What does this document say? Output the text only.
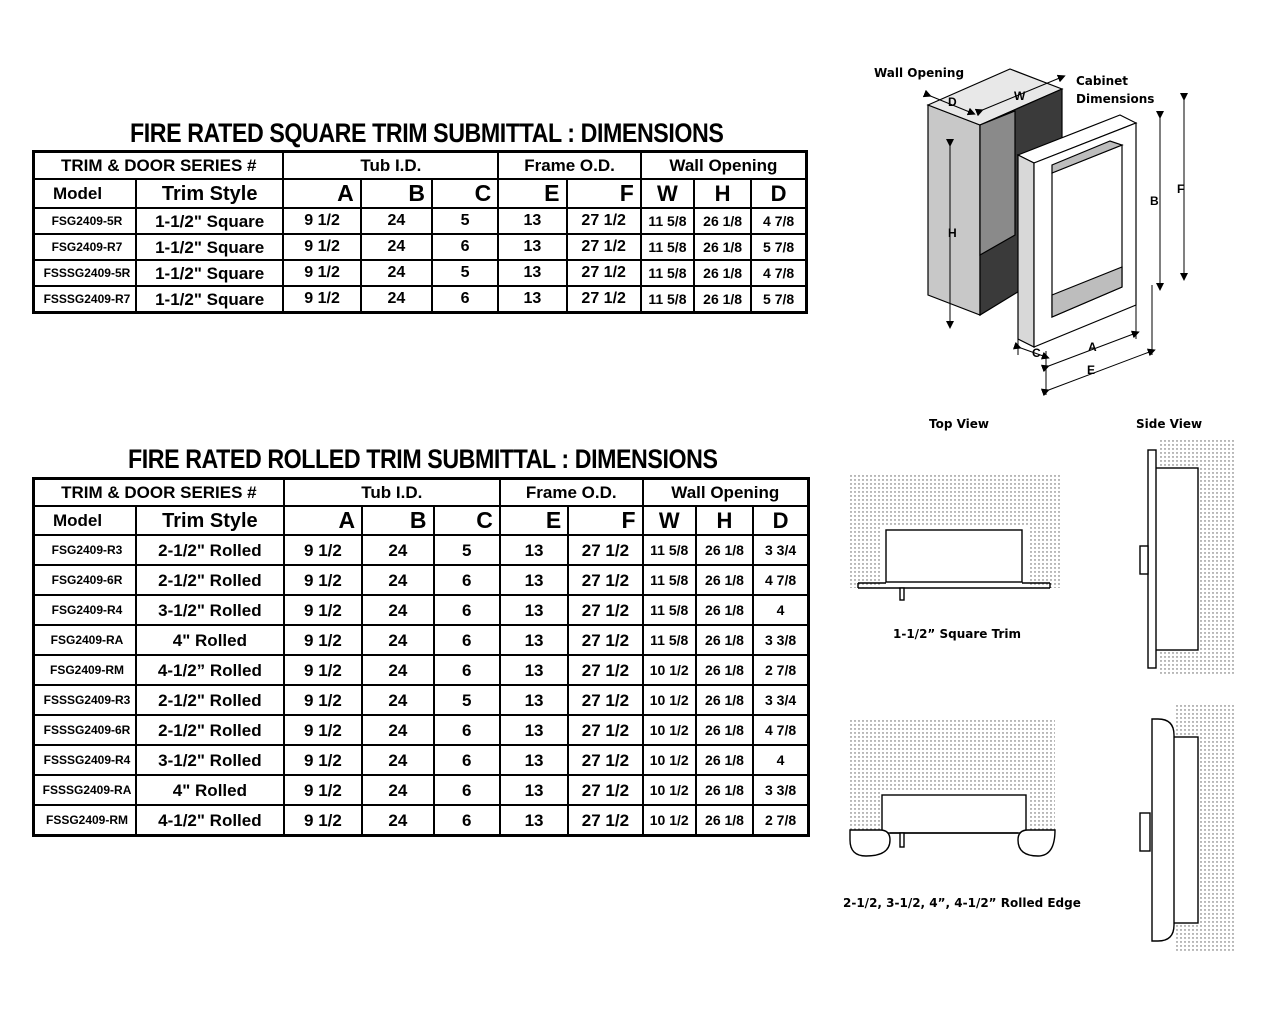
FIRE RATED SQUARE TRIM SUBMITTAL : DIMENSIONS
TRIM & DOOR SERIES #		Tub I.D.			Frame O.D.		Wall Opening		
Model	Trim Style	A	B	C	E	F	W	H	D
FSG2409-5R	1-1/2" Square	9 1/2	24	5	13	27 1/2	11 5/8	26 1/8	4 7/8
FSG2409-R7	1-1/2" Square	9 1/2	24	6	13	27 1/2	11 5/8	26 1/8	5 7/8
FSSSG2409-5R	1-1/2" Square	9 1/2	24	5	13	27 1/2	11 5/8	26 1/8	4 7/8
FSSSG2409-R7	1-1/2" Square	9 1/2	24	6	13	27 1/2	11 5/8	26 1/8	5 7/8
FIRE RATED ROLLED TRIM SUBMITTAL : DIMENSIONS
TRIM & DOOR SERIES #		Tub I.D.			Frame O.D.		Wall Opening		
Model	Trim Style	A	B	C	E	F	W	H	D
FSG2409-R3	2-1/2" Rolled	9 1/2	24	5	13	27 1/2	11 5/8	26 1/8	3 3/4
FSG2409-6R	2-1/2" Rolled	9 1/2	24	6	13	27 1/2	11 5/8	26 1/8	4 7/8
FSG2409-R4	3-1/2" Rolled	9 1/2	24	6	13	27 1/2	11 5/8	26 1/8	4
FSG2409-RA	4" Rolled	9 1/2	24	6	13	27 1/2	11 5/8	26 1/8	3 3/8
FSG2409-RM	4-1/2” Rolled	9 1/2	24	6	13	27 1/2	10 1/2	26 1/8	2 7/8
FSSSG2409-R3	2-1/2" Rolled	9 1/2	24	5	13	27 1/2	10 1/2	26 1/8	3 3/4
FSSSG2409-6R	2-1/2" Rolled	9 1/2	24	6	13	27 1/2	10 1/2	26 1/8	4 7/8
FSSSG2409-R4	3-1/2" Rolled	9 1/2	24	6	13	27 1/2	10 1/2	26 1/8	4
FSSSG2409-RA	4" Rolled	9 1/2	24	6	13	27 1/2	10 1/2	26 1/8	3 3/8
FSSG2409-RM	4-1/2" Rolled	9 1/2	24	6	13	27 1/2	10 1/2	26 1/8	2 7/8
Wall Opening
Cabinet
Dimensions
D	W
H
B
F
C	A
E
Top View	Side View
1-1/2” Square Trim
2-1/2, 3-1/2, 4”, 4-1/2” Rolled Edge
